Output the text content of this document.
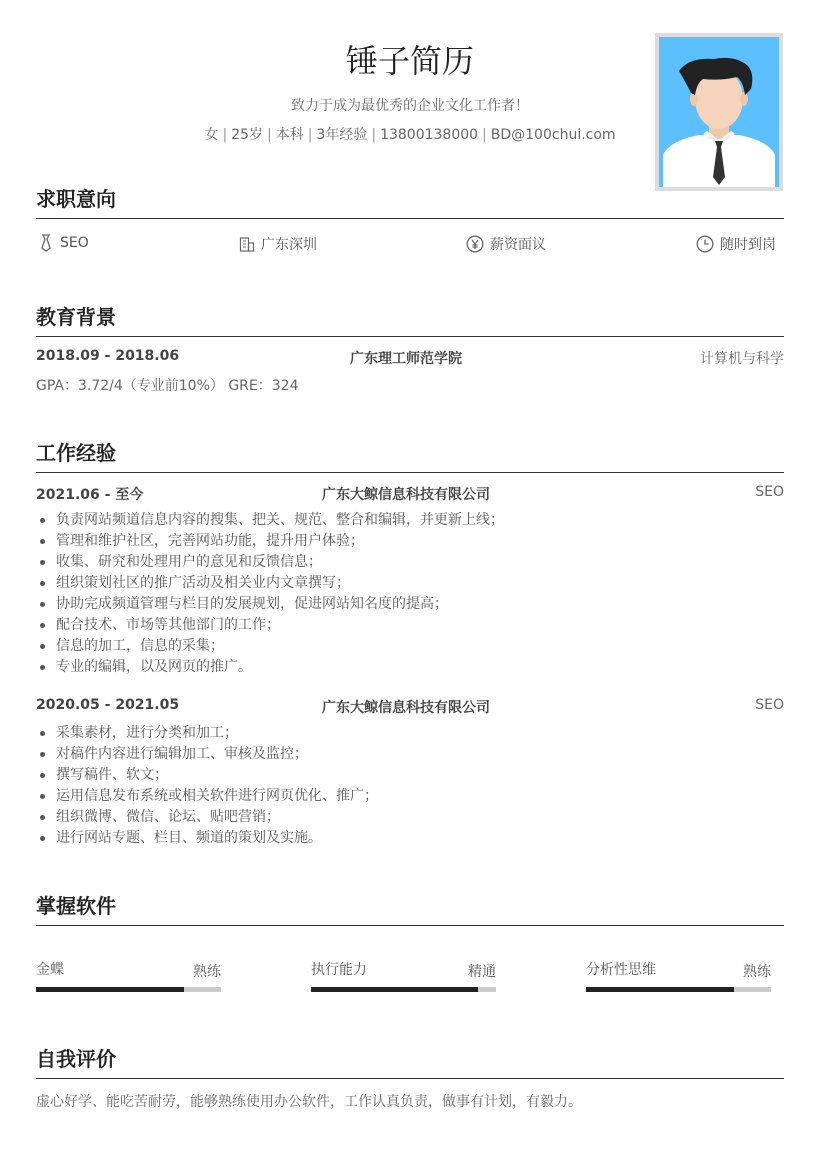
锤子简历
致力于成为最优秀的企业文化工作者！
女 | 25岁 | 本科 | 3年经验 | 13800138000 | BD@100chui.com
求职意向
SEO	广东深圳	薪资面议	随时到岗
教育背景
2018.09 - 2018.06	广东理工师范学院	计算机与科学
GPA：3.72/4（专业前10%） GRE：324
工作经验
2021.06 - 至今	广东大鲸信息科技有限公司	SEO
负责网站频道信息内容的搜集、把关、规范、整合和编辑，并更新上线；
管理和维护社区，完善网站功能，提升用户体验；
收集、研究和处理用户的意见和反馈信息；
组织策划社区的推广活动及相关业内文章撰写；
协助完成频道管理与栏目的发展规划，促进网站知名度的提高；
配合技术、市场等其他部门的工作；
信息的加工，信息的采集；
专业的编辑，以及网页的推广。
2020.05 - 2021.05	广东大鲸信息科技有限公司	SEO
采集素材，进行分类和加工；
对稿件内容进行编辑加工、审核及监控；
撰写稿件、软文；
运用信息发布系统或相关软件进行网页优化、推广；
组织微博、微信、论坛、贴吧营销；
进行网站专题、栏目、频道的策划及实施。
掌握软件
金蝶	熟练	执行能力	精通	分析性思维	熟练
自我评价
虚心好学、能吃苦耐劳，能够熟练使用办公软件，工作认真负责，做事有计划，有毅力。
